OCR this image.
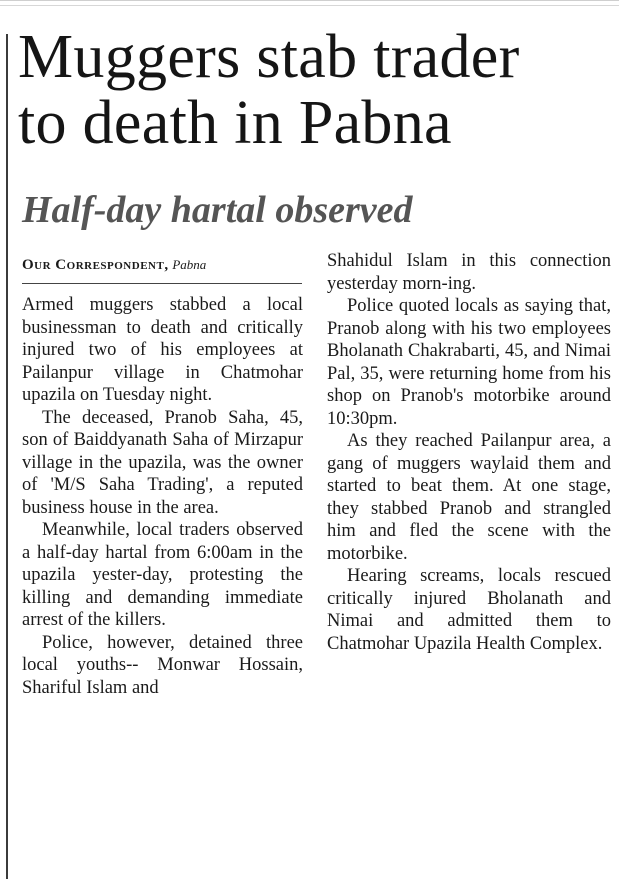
Muggers stab trader
to death in Pabna
Half-day hartal observed
Our Correspondent, Pabna

Armed muggers stabbed a local businessman to death and critically injured two of his employees at Pailanpur village in Chatmohar upazila on Tuesday night.

The deceased, Pranob Saha, 45, son of Baiddyanath Saha of Mirzapur village in the upazila, was the owner of 'M/S Saha Trading', a reputed business house in the area.

Meanwhile, local traders observed a half-day hartal from 6:00am in the upazila yester-day, protesting the killing and demanding immediate arrest of the killers.

Police, however, detained three local youths-- Monwar Hossain, Shariful Islam and

Shahidul Islam in this connection yesterday morn-ing.

Police quoted locals as saying that, Pranob along with his two employees Bholanath Chakrabarti, 45, and Nimai Pal, 35, were returning home from his shop on Pranob's motorbike around 10:30pm.

As they reached Pailanpur area, a gang of muggers waylaid them and started to beat them. At one stage, they stabbed Pranob and strangled him and fled the scene with the motorbike.

Hearing screams, locals rescued critically injured Bholanath and Nimai and admitted them to Chatmohar Upazila Health Complex.
